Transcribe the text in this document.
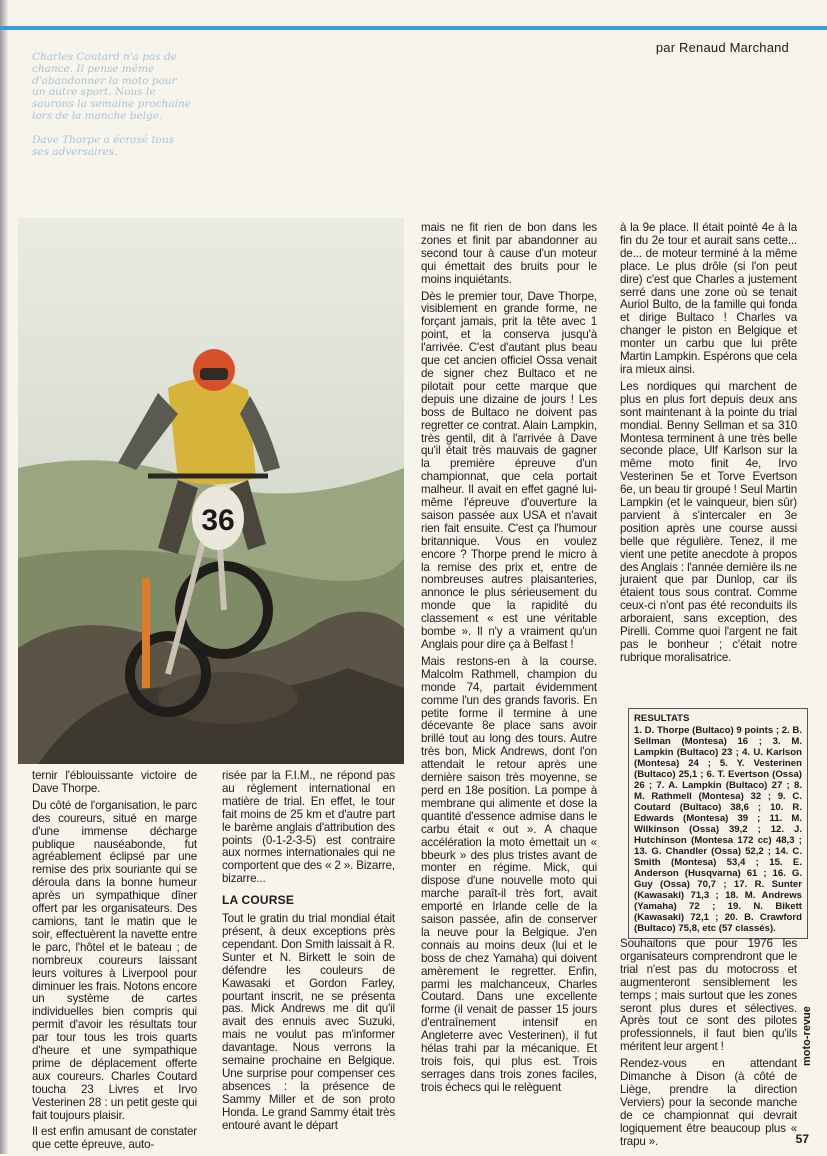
par Renaud Marchand

Charles Coutard n'a pas de chance. Il pense même d'abandonner la moto pour un autre sport. Nous le saurons la semaine prochaine lors de la manche belge.

Dave Thorpe a écrasé tous ses adversaires.

36

ternir l'éblouissante victoire de Dave Thorpe.

Du côté de l'organisation, le parc des coureurs, situé en marge d'une immense décharge publique nauséabonde, fut agréablement éclipsé par une remise des prix souriante qui se déroula dans la bonne humeur après un sympathique dîner offert par les organisateurs. Des camions, tant le matin que le soir, effectuèrent la navette entre le parc, l'hôtel et le bateau ; de nombreux coureurs laissant leurs voitures à Liverpool pour diminuer les frais. Notons encore un système de cartes individuelles bien compris qui permit d'avoir les résultats tour par tour tous les trois quarts d'heure et une sympathique prime de déplacement offerte aux coureurs. Charles Coutard toucha 23 Livres et Irvo Vesterinen 28 : un petit geste qui fait toujours plaisir.

Il est enfin amusant de constater que cette épreuve, auto-

risée par la F.I.M., ne répond pas au règlement international en matière de trial. En effet, le tour fait moins de 25 km et d'autre part le barème anglais d'attribution des points (0-1-2-3-5) est contraire aux normes internationales qui ne comportent que des « 2 ». Bizarre, bizarre...

LA COURSE

Tout le gratin du trial mondial était présent, à deux exceptions près cependant. Don Smith laissait à R. Sunter et N. Birkett le soin de défendre les couleurs de Kawasaki et Gordon Farley, pourtant inscrit, ne se présenta pas. Mick Andrews me dit qu'il avait des ennuis avec Suzuki, mais ne voulut pas m'informer davantage. Nous verrons la semaine prochaine en Belgique. Une surprise pour compenser ces absences : la présence de Sammy Miller et de son proto Honda. Le grand Sammy était très entouré avant le départ

mais ne fit rien de bon dans les zones et finit par abandonner au second tour à cause d'un moteur qui émettait des bruits pour le moins inquiétants.

Dès le premier tour, Dave Thorpe, visiblement en grande forme, ne forçant jamais, prit la tête avec 1 point, et la conserva jusqu'à l'arrivée. C'est d'autant plus beau que cet ancien officiel Ossa venait de signer chez Bultaco et ne pilotait pour cette marque que depuis une dizaine de jours ! Les boss de Bultaco ne doivent pas regretter ce contrat. Alain Lampkin, très gentil, dit à l'arrivée à Dave qu'il était très mauvais de gagner la première épreuve d'un championnat, que cela portait malheur. Il avait en effet gagné lui-même l'épreuve d'ouverture la saison passée aux USA et n'avait rien fait ensuite. C'est ça l'humour britannique. Vous en voulez encore ? Thorpe prend le micro à la remise des prix et, entre de nombreuses autres plaisanteries, annonce le plus sérieusement du monde que la rapidité du classement « est une véritable bombe ». Il n'y a vraiment qu'un Anglais pour dire ça à Belfast !

Mais restons-en à la course. Malcolm Rathmell, champion du monde 74, partait évidemment comme l'un des grands favoris. En petite forme il termine à une décevante 8e place sans avoir brillé tout au long des tours. Autre très bon, Mick Andrews, dont l'on attendait le retour après une dernière saison très moyenne, se perd en 18e position. La pompe à membrane qui alimente et dose la quantité d'essence admise dans le carbu était « out ». A chaque accélération la moto émettait un « bbeurk » des plus tristes avant de monter en régime. Mick, qui dispose d'une nouvelle moto qui marche paraît-il très fort, avait emporté en Irlande celle de la saison passée, afin de conserver la neuve pour la Belgique. J'en connais au moins deux (lui et le boss de chez Yamaha) qui doivent amèrement le regretter. Enfin, parmi les malchanceux, Charles Coutard. Dans une excellente forme (il venait de passer 15 jours d'entraînement intensif en Angleterre avec Vesterinen), il fut hélas trahi par la mécanique. Et trois fois, qui plus est. Trois serrages dans trois zones faciles, trois échecs qui le relèguent

à la 9e place. Il était pointé 4e à la fin du 2e tour et aurait sans cette... de... de moteur terminé à la même place. Le plus drôle (si l'on peut dire) c'est que Charles a justement serré dans une zone où se tenait Auriol Bulto, de la famille qui fonda et dirige Bultaco ! Charles va changer le piston en Belgique et monter un carbu que lui prête Martin Lampkin. Espérons que cela ira mieux ainsi.

Les nordiques qui marchent de plus en plus fort depuis deux ans sont maintenant à la pointe du trial mondial. Benny Sellman et sa 310 Montesa terminent à une très belle seconde place, Ulf Karlson sur la même moto finit 4e, Irvo Vesterinen 5e et Torve Evertson 6e, un beau tir groupé ! Seul Martin Lampkin (et le vainqueur, bien sûr) parvient à s'intercaler en 3e position après une course aussi belle que régulière. Tenez, il me vient une petite anecdote à propos des Anglais : l'année dernière ils ne juraient que par Dunlop, car ils étaient tous sous contrat. Comme ceux-ci n'ont pas été reconduits ils arboraient, sans exception, des Pirelli. Comme quoi l'argent ne fait pas le bonheur ; c'était notre rubrique moralisatrice.

RESULTATS
1. D. Thorpe (Bultaco) 9 points ; 2. B. Sellman (Montesa) 16 ; 3. M. Lampkin (Bultaco) 23 ; 4. U. Karlson (Montesa) 24 ; 5. Y. Vesterinen (Bultaco) 25,1 ; 6. T. Evertson (Ossa) 26 ; 7. A. Lampkin (Bultaco) 27 ; 8. M. Rathmell (Montesa) 32 ; 9. C. Coutard (Bultaco) 38,6 ; 10. R. Edwards (Montesa) 39 ; 11. M. Wilkinson (Ossa) 39,2 ; 12. J. Hutchinson (Montesa 172 cc) 48,3 ; 13. G. Chandler (Ossa) 52,2 ; 14. C. Smith (Montesa) 53,4 ; 15. E. Anderson (Husqvarna) 61 ; 16. G. Guy (Ossa) 70,7 ; 17. R. Sunter (Kawasaki) 71,3 ; 18. M. Andrews (Yamaha) 72 ; 19. N. Bikett (Kawasaki) 72,1 ; 20. B. Crawford (Bultaco) 75,8, etc (57 classés).

Souhaitons que pour 1976 les organisateurs comprendront que le trial n'est pas du motocross et augmenteront sensiblement les temps ; mais surtout que les zones seront plus dures et sélectives. Après tout ce sont des pilotes professionnels, il faut bien qu'ils méritent leur argent !

Rendez-vous en attendant Dimanche à Dison (à côté de Liège, prendre la direction Verviers) pour la seconde manche de ce championnat qui devrait logiquement être beaucoup plus « trapu ».

moto-revue
57
